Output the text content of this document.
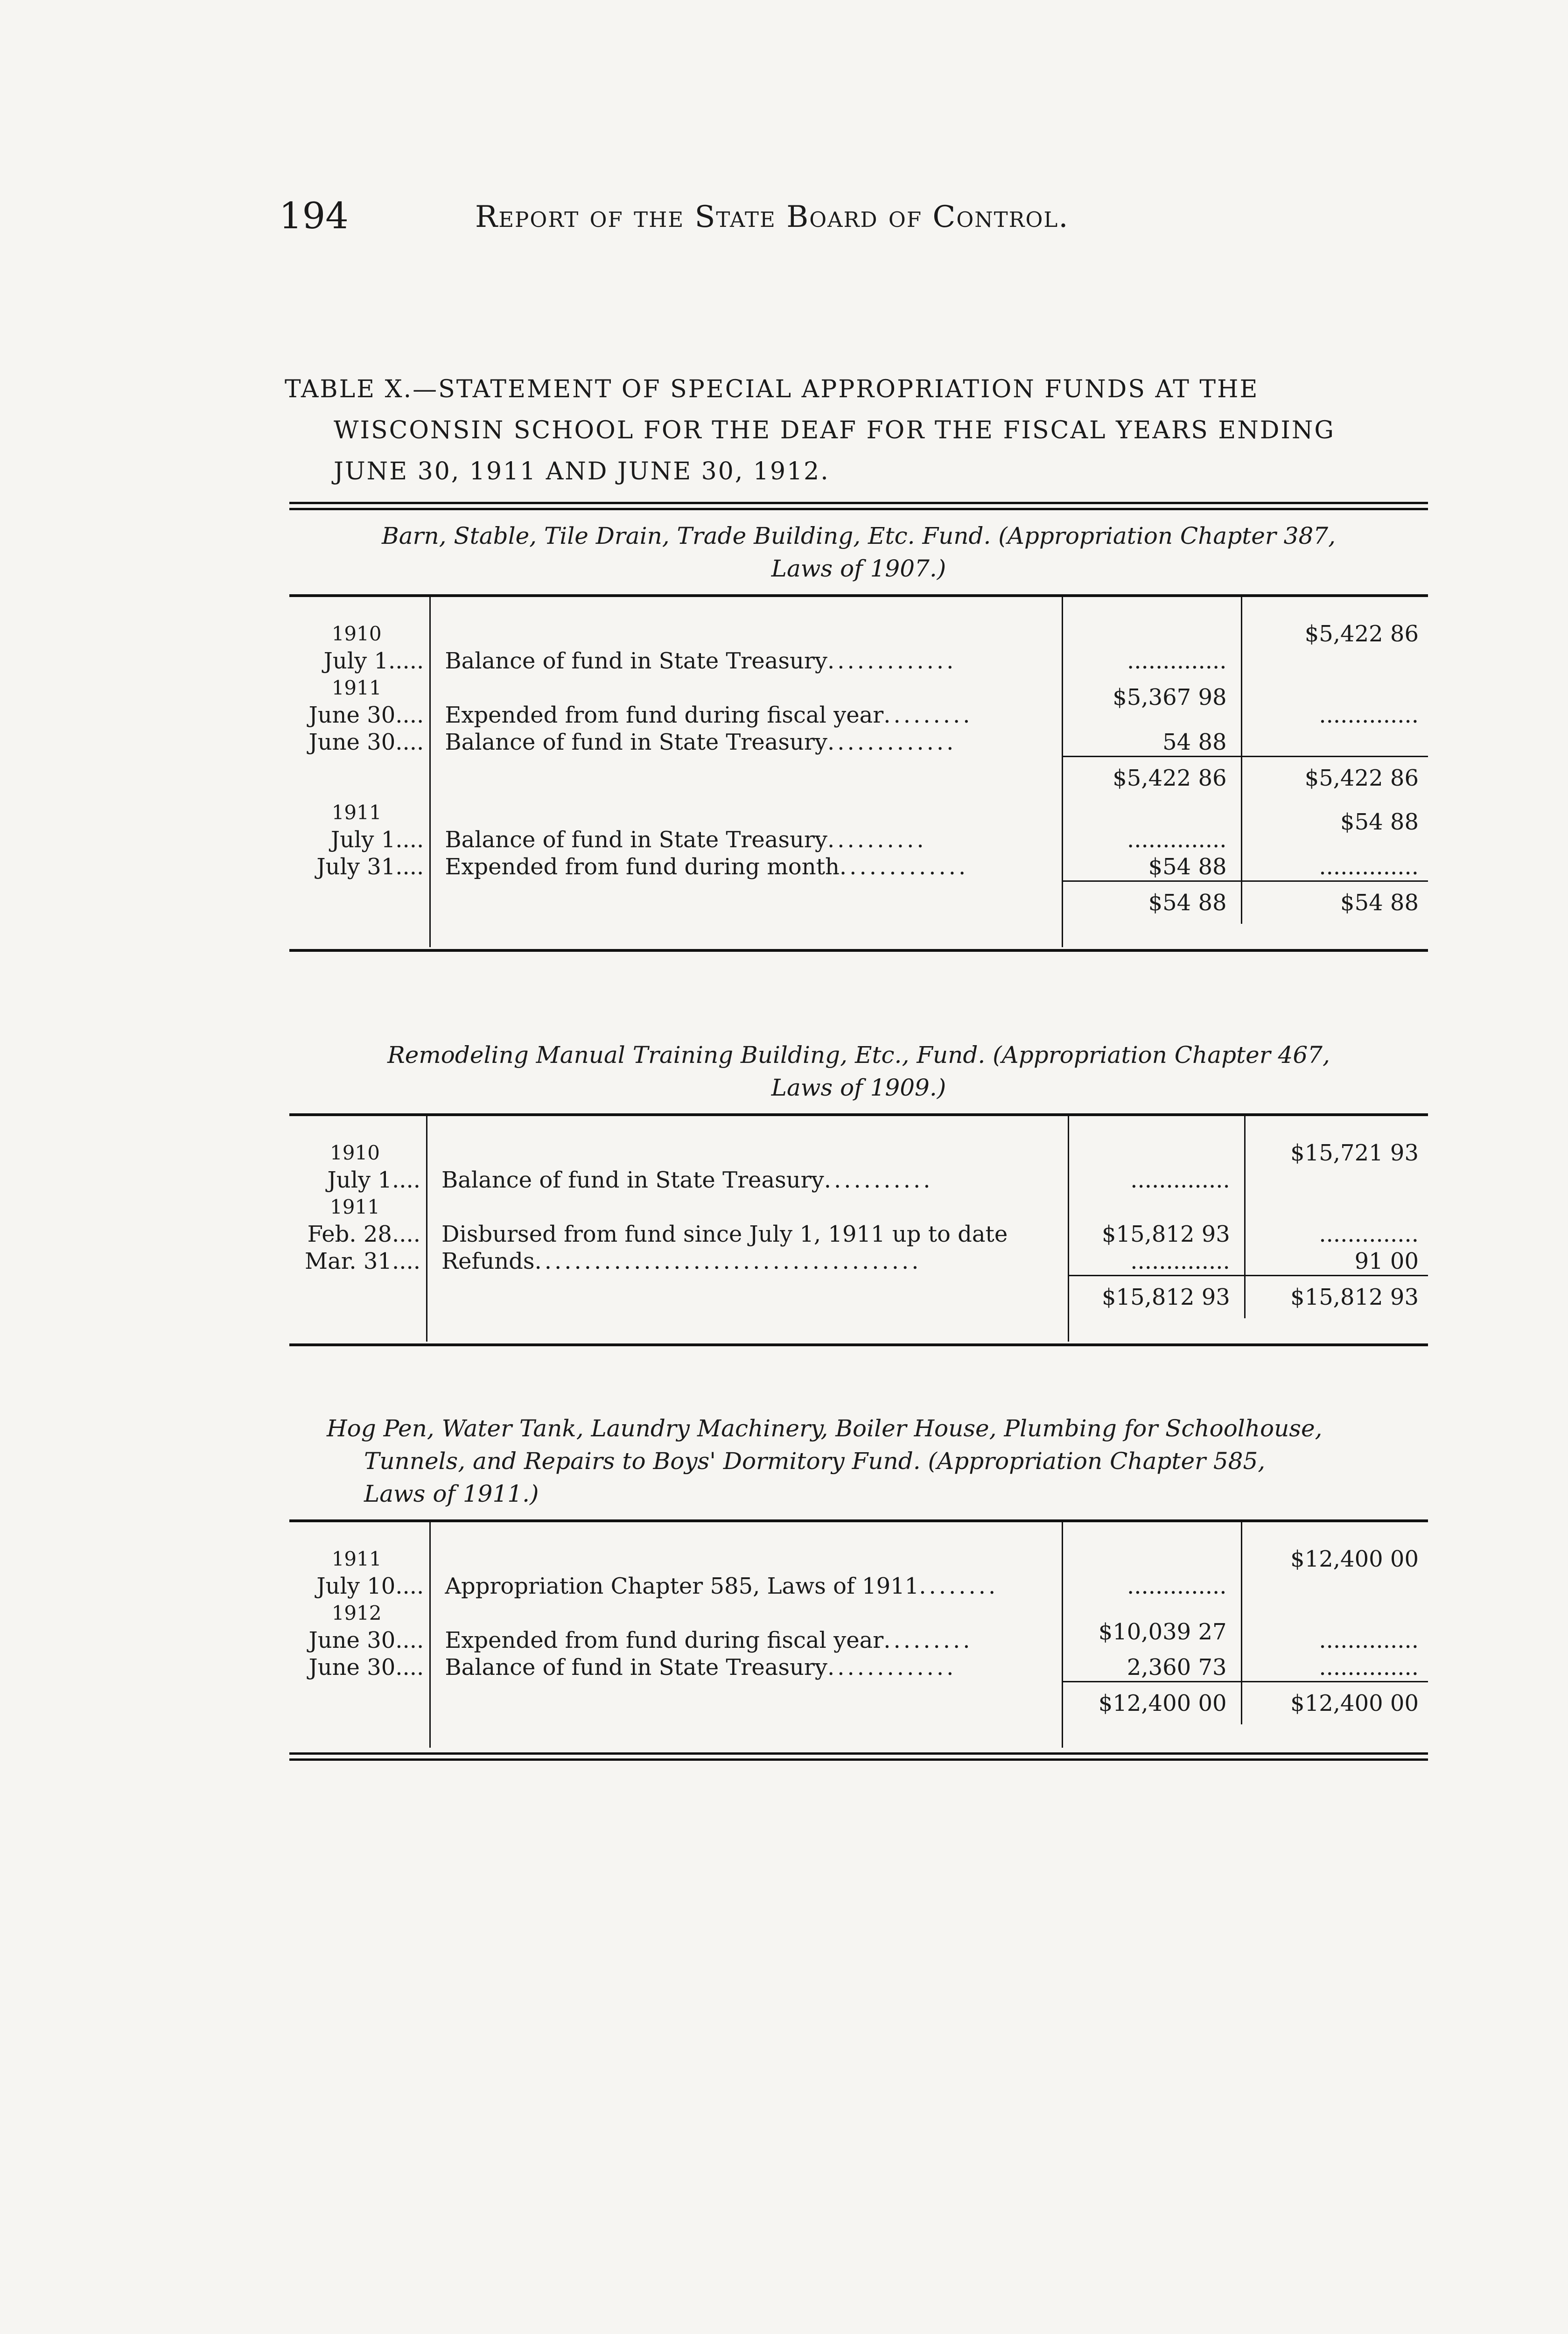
194	Report of the State Board of Control.
TABLE X.—STATEMENT OF SPECIAL APPROPRIATION FUNDS AT THE
WISCONSIN SCHOOL FOR THE DEAF FOR THE FISCAL YEARS ENDING
JUNE 30, 1911 AND JUNE 30, 1912.
Barn, Stable, Tile Drain, Trade Building, Etc. Fund. (Appropriation Chapter 387,
Laws of 1907.)

1910
July 1.....	Balance of fund in State Treasury.............	..............	$5,422 86

1911
June 30....	Expended from fund during fiscal year.........	$5,367 98	..............
June 30....	Balance of fund in State Treasury.............	54 88	
		$5,422 86	$5,422 86

1911
July 1....	Balance of fund in State Treasury..........	..............	$54 88
July 31....	Expended from fund during month.............	$54 88	..............
		$54 88	$54 88

Remodeling Manual Training Building, Etc., Fund. (Appropriation Chapter 467,
Laws of 1909.)

1910
July 1....	Balance of fund in State Treasury...........	..............	$15,721 93

1911
Feb. 28....	Disbursed from fund since July 1, 1911 up to date	$15,812 93	..............
Mar. 31....	Refunds.......................................	..............	91 00
		$15,812 93	$15,812 93

Hog Pen, Water Tank, Laundry Machinery, Boiler House, Plumbing for Schoolhouse,
Tunnels, and Repairs to Boys' Dormitory Fund. (Appropriation Chapter 585,
Laws of 1911.)

1911
July 10....	Appropriation Chapter 585, Laws of 1911........	..............	$12,400 00

1912
June 30....	Expended from fund during fiscal year.........	$10,039 27	..............
June 30....	Balance of fund in State Treasury.............	2,360 73	..............
		$12,400 00	$12,400 00
